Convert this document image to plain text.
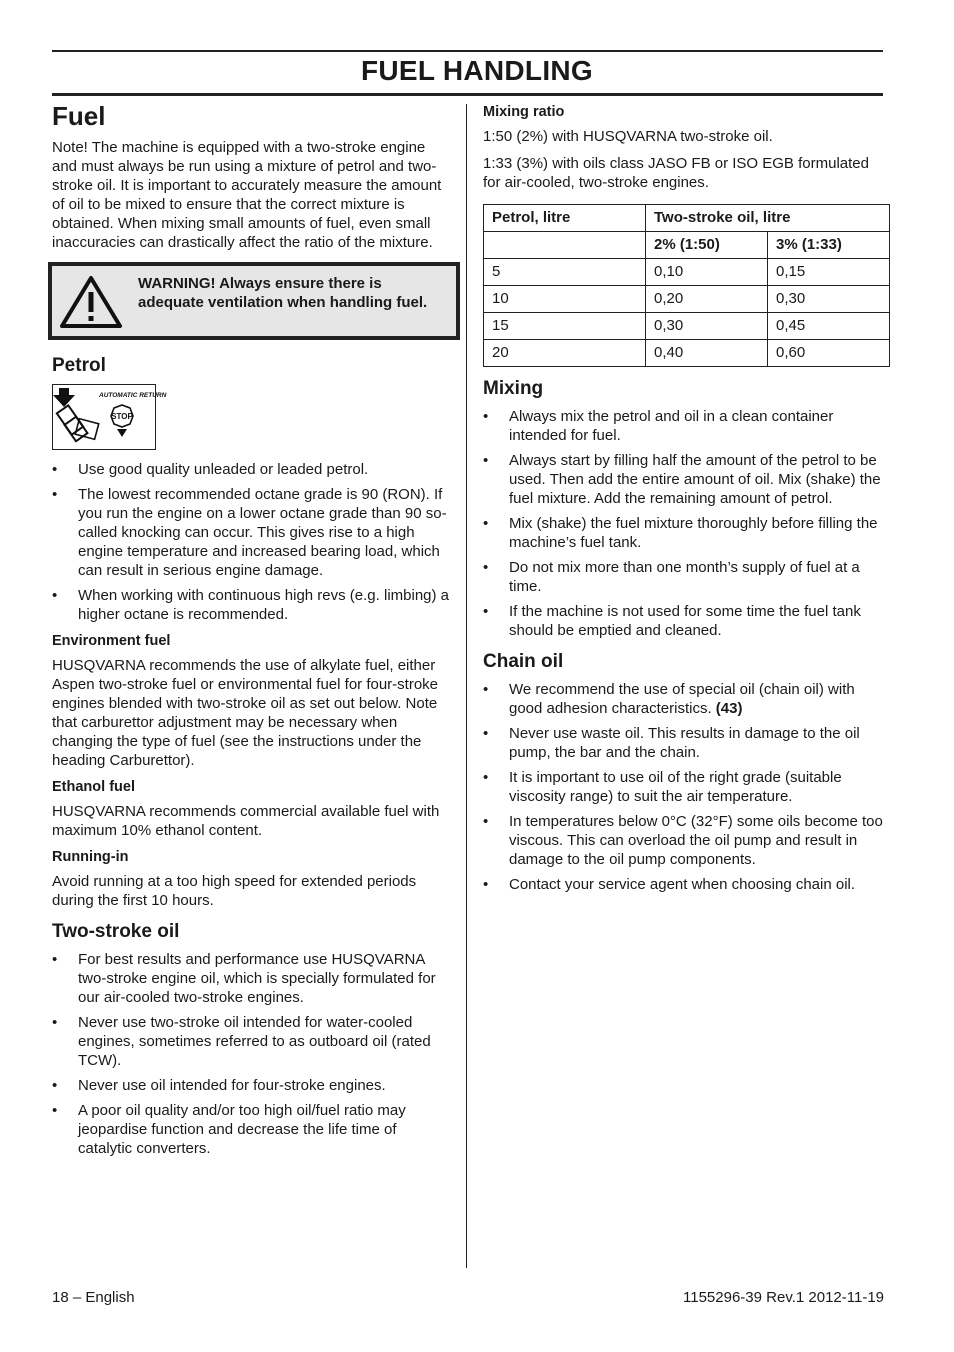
FUEL HANDLING
Fuel

Note! The machine is equipped with a two-stroke engine and must always be run using a mixture of petrol and two-stroke oil. It is important to accurately measure the amount of oil to be mixed to ensure that the correct mixture is obtained. When mixing small amounts of fuel, even small inaccuracies can drastically affect the ratio of the mixture.

WARNING! Always ensure there is adequate ventilation when handling fuel.
Petrol
AUTOMATIC RETURN
STOP
• Use good quality unleaded or leaded petrol.
• The lowest recommended octane grade is 90 (RON). If you run the engine on a lower octane grade than 90 so-called knocking can occur. This gives rise to a high engine temperature and increased bearing load, which can result in serious engine damage.
• When working with continuous high revs (e.g. limbing) a higher octane is recommended.
Environment fuel

HUSQVARNA recommends the use of alkylate fuel, either Aspen two-stroke fuel or environmental fuel for four-stroke engines blended with two-stroke oil as set out below. Note that carburettor adjustment may be necessary when changing the type of fuel (see the instructions under the heading Carburettor).

Ethanol fuel

HUSQVARNA recommends commercial available fuel with maximum 10% ethanol content.

Running-in

Avoid running at a too high speed for extended periods during the first 10 hours.

Two-stroke oil
• For best results and performance use HUSQVARNA two-stroke engine oil, which is specially formulated for our air-cooled two-stroke engines.
• Never use two-stroke oil intended for water-cooled engines, sometimes referred to as outboard oil (rated TCW).
• Never use oil intended for four-stroke engines.
• A poor oil quality and/or too high oil/fuel ratio may jeopardise function and decrease the life time of catalytic converters.
Mixing ratio

1:50 (2%) with HUSQVARNA two-stroke oil.

1:33 (3%) with oils class JASO FB or ISO EGB formulated for air-cooled, two-stroke engines.

Petrol, litre	Two-stroke oil, litre	
	2% (1:50)	3% (1:33)
5	0,10	0,15
10	0,20	0,30
15	0,30	0,45
20	0,40	0,60
Mixing
• Always mix the petrol and oil in a clean container intended for fuel.
• Always start by filling half the amount of the petrol to be used. Then add the entire amount of oil. Mix (shake) the fuel mixture. Add the remaining amount of petrol.
• Mix (shake) the fuel mixture thoroughly before filling the machine’s fuel tank.
• Do not mix more than one month’s supply of fuel at a time.
• If the machine is not used for some time the fuel tank should be emptied and cleaned.
Chain oil
• We recommend the use of special oil (chain oil) with good adhesion characteristics. (43)
• Never use waste oil. This results in damage to the oil pump, the bar and the chain.
• It is important to use oil of the right grade (suitable viscosity range) to suit the air temperature.
• In temperatures below 0°C (32°F) some oils become too viscous. This can overload the oil pump and result in damage to the oil pump components.
• Contact your service agent when choosing chain oil.
18 – English	1155296-39 Rev.1 2012-11-19
